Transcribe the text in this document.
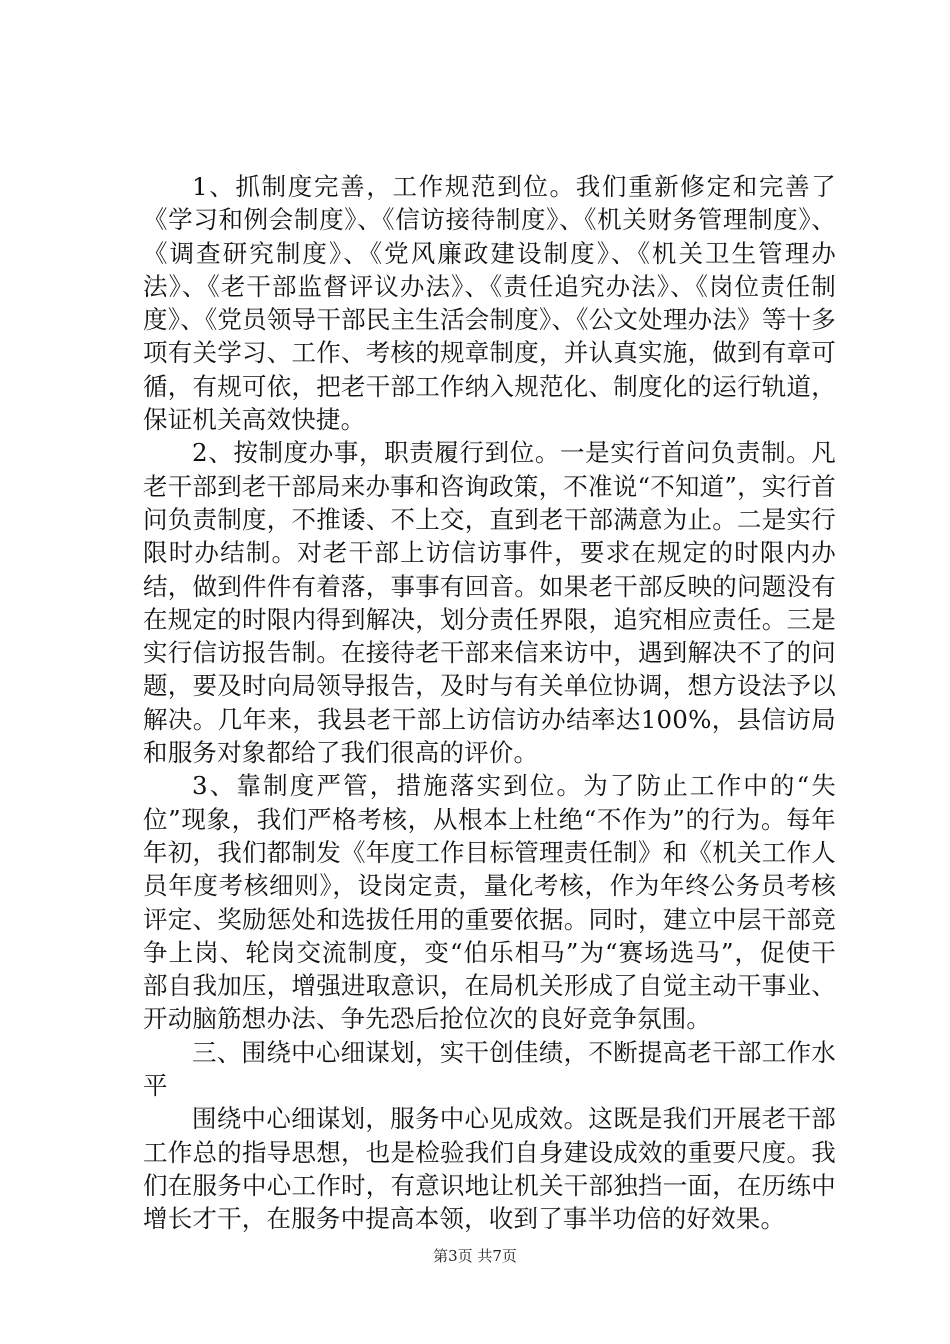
1、抓制度完善，工作规范到位。我们重新修定和完善了《学习和例会制度》、《信访接待制度》、《机关财务管理制度》、《调查研究制度》、《党风廉政建设制度》、《机关卫生管理办法》、《老干部监督评议办法》、《责任追究办法》、《岗位责任制度》、《党员领导干部民主生活会制度》、《公文处理办法》等十多项有关学习、工作、考核的规章制度，并认真实施，做到有章可循，有规可依，把老干部工作纳入规范化、制度化的运行轨道，保证机关高效快捷。

2、按制度办事，职责履行到位。一是实行首问负责制。凡老干部到老干部局来办事和咨询政策，不准说“不知道”，实行首问负责制度，不推诿、不上交，直到老干部满意为止。二是实行限时办结制。对老干部上访信访事件，要求在规定的时限内办结，做到件件有着落，事事有回音。如果老干部反映的问题没有在规定的时限内得到解决，划分责任界限，追究相应责任。三是实行信访报告制。在接待老干部来信来访中，遇到解决不了的问题，要及时向局领导报告，及时与有关单位协调，想方设法予以解决。几年来，我县老干部上访信访办结率达100%，县信访局和服务对象都给了我们很高的评价。

3、靠制度严管，措施落实到位。为了防止工作中的“失位”现象，我们严格考核，从根本上杜绝“不作为”的行为。每年年初，我们都制发《年度工作目标管理责任制》和《机关工作人员年度考核细则》，设岗定责，量化考核，作为年终公务员考核评定、奖励惩处和选拔任用的重要依据。同时，建立中层干部竞争上岗、轮岗交流制度，变“伯乐相马”为“赛场选马”，促使干部自我加压，增强进取意识，在局机关形成了自觉主动干事业、开动脑筋想办法、争先恐后抢位次的良好竞争氛围。

三、围绕中心细谋划，实干创佳绩，不断提高老干部工作水平

围绕中心细谋划，服务中心见成效。这既是我们开展老干部工作总的指导思想，也是检验我们自身建设成效的重要尺度。我们在服务中心工作时，有意识地让机关干部独挡一面，在历练中增长才干，在服务中提高本领，收到了事半功倍的好效果。

第3页 共7页
